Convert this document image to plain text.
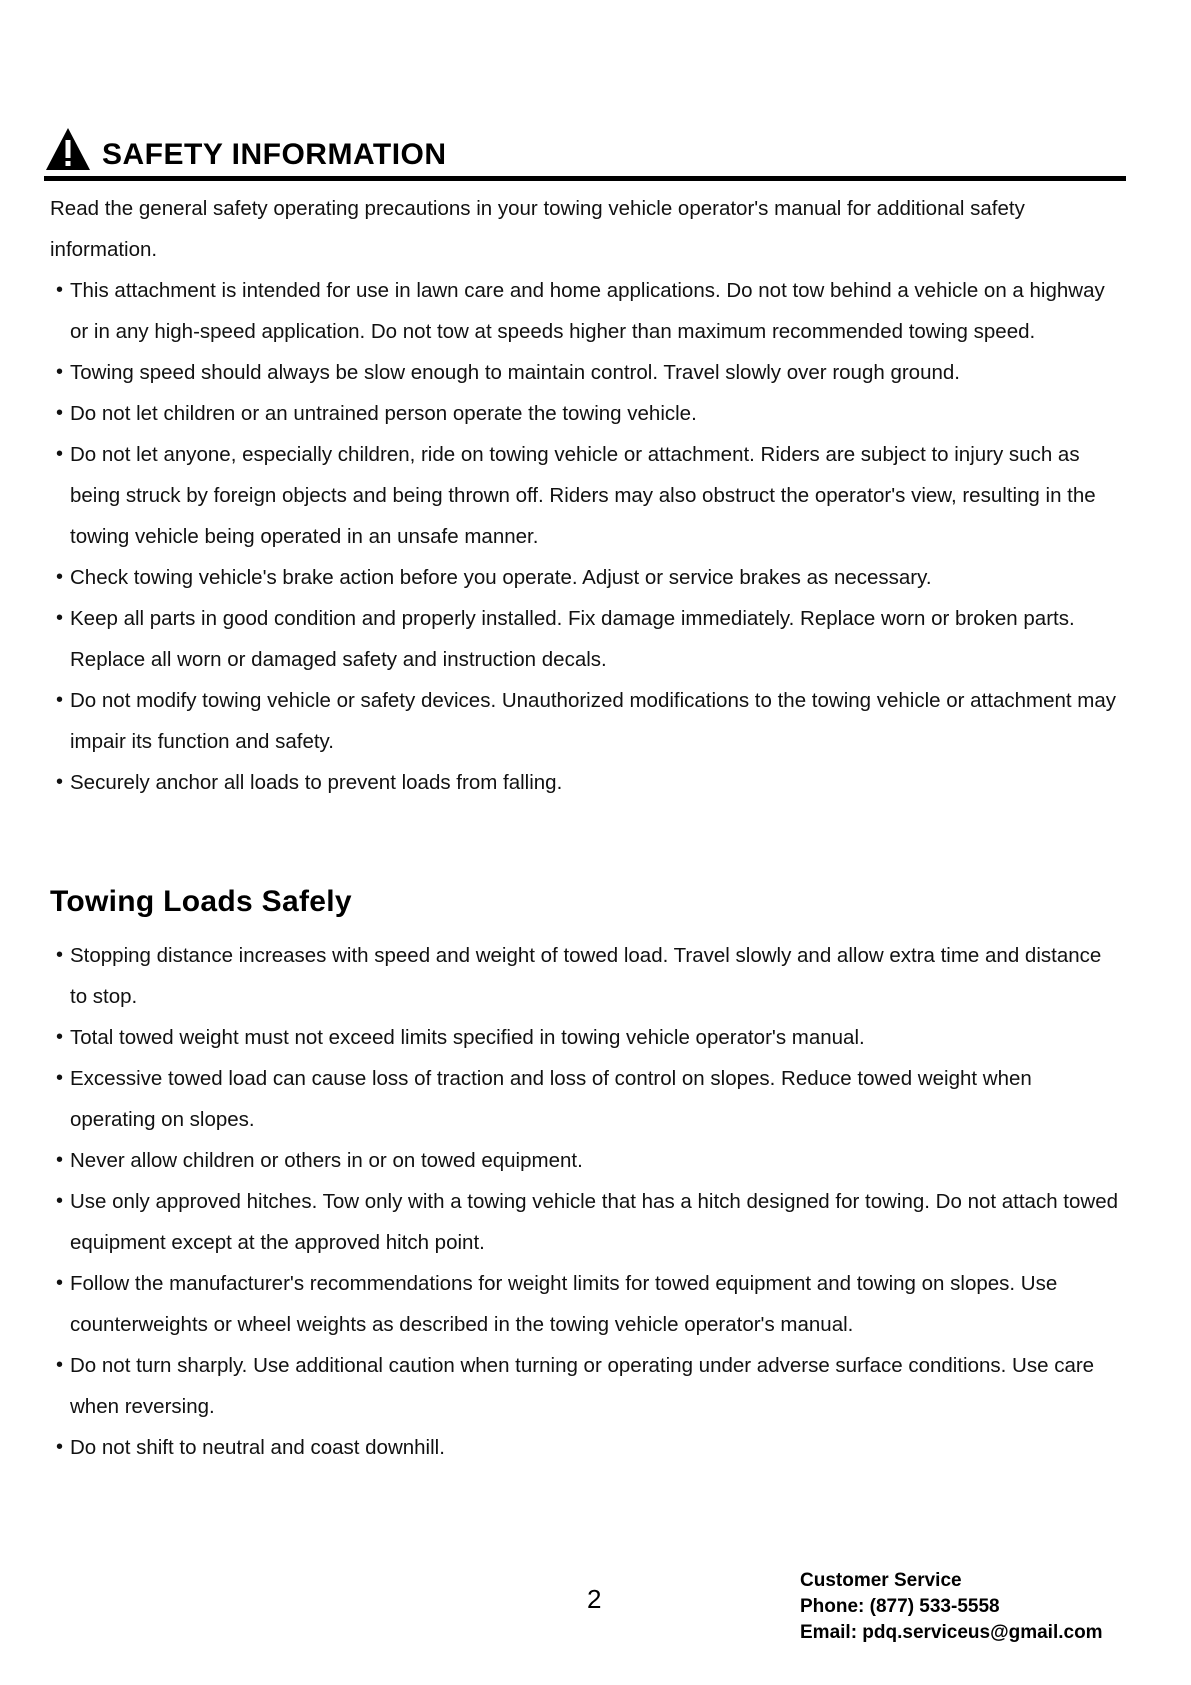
SAFETY INFORMATION

Read the general safety operating precautions in your towing vehicle operator's manual for additional safety information.

• This attachment is intended for use in lawn care and home applications. Do not tow behind a vehicle on a highway or in any high-speed application. Do not tow at speeds higher than maximum recommended towing speed.
• Towing speed should always be slow enough to maintain control. Travel slowly over rough ground.
• Do not let children or an untrained person operate the towing vehicle.
• Do not let anyone, especially children, ride on towing vehicle or attachment. Riders are subject to injury such as being struck by foreign objects and being thrown off. Riders may also obstruct the operator's view, resulting in the towing vehicle being operated in an unsafe manner.
• Check towing vehicle's brake action before you operate. Adjust or service brakes as necessary.
• Keep all parts in good condition and properly installed. Fix damage immediately. Replace worn or broken parts. Replace all worn or damaged safety and instruction decals.
• Do not modify towing vehicle or safety devices. Unauthorized modifications to the towing vehicle or attachment may impair its function and safety.
• Securely anchor all loads to prevent loads from falling.
Towing Loads Safely
• Stopping distance increases with speed and weight of towed load. Travel slowly and allow extra time and distance to stop.
• Total towed weight must not exceed limits specified in towing vehicle operator's manual.
• Excessive towed load can cause loss of traction and loss of control on slopes. Reduce towed weight when operating on slopes.
• Never allow children or others in or on towed equipment.
• Use only approved hitches. Tow only with a towing vehicle that has a hitch designed for towing. Do not attach towed equipment except at the approved hitch point.
• Follow the manufacturer's recommendations for weight limits for towed equipment and towing on slopes. Use counterweights or wheel weights as described in the towing vehicle operator's manual.
• Do not turn sharply. Use additional caution when turning or operating under adverse surface conditions. Use care when reversing.
• Do not shift to neutral and coast downhill.
2
Customer Service
Phone: (877) 533-5558
Email: pdq.serviceus@gmail.com
